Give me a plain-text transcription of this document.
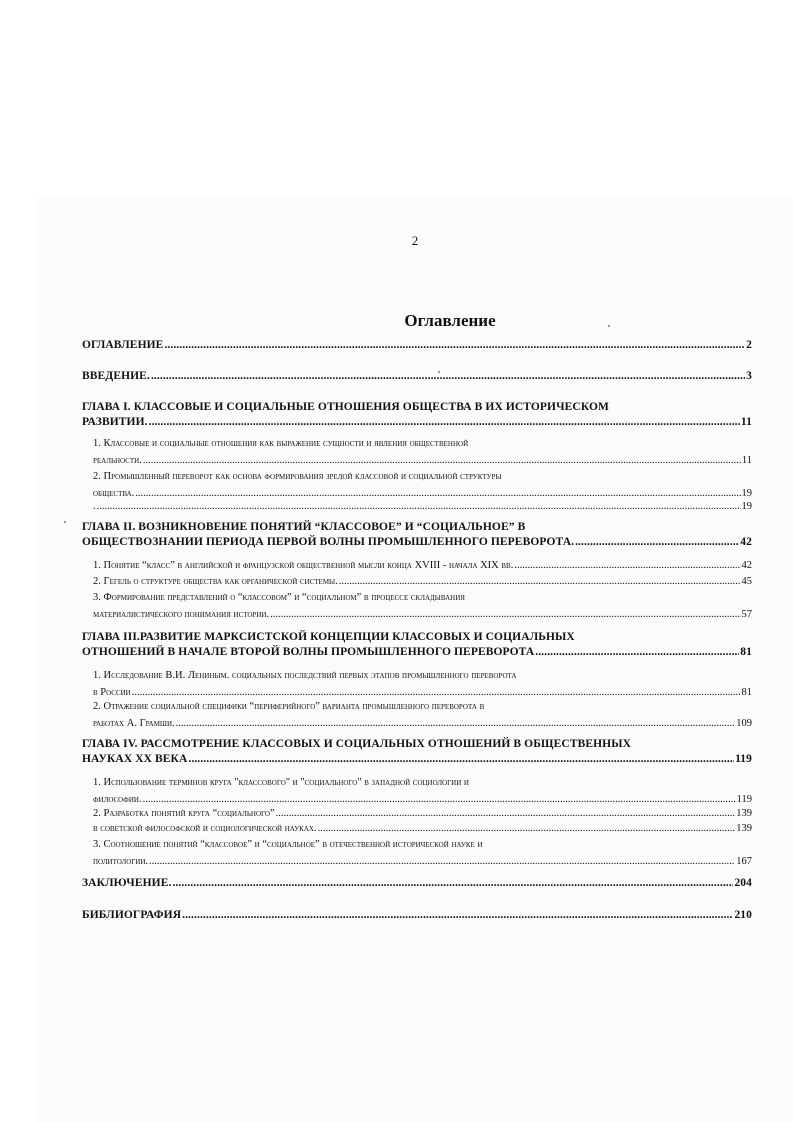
2
Оглавление
ОГЛАВЛЕНИЕ .....	2
ВВЕДЕНИЕ. .....	3
ГЛАВА I. КЛАССОВЫЕ И СОЦИАЛЬНЫЕ ОТНОШЕНИЯ ОБЩЕСТВА В ИХ ИСТОРИЧЕСКОМ
РАЗВИТИИ. .....	11
1. Классовые и социальные отношения как выражение сущности и явления общественной
реальности. .....	11
2. Промышленный переворот как основа формирования зрелой классовой и социальной структуры
общества. .....	19
. .....	19
ГЛАВА II. ВОЗНИКНОВЕНИЕ ПОНЯТИЙ “КЛАССОВОЕ” И “СОЦИАЛЬНОЕ” В
ОБЩЕСТВОЗНАНИИ ПЕРИОДА ПЕРВОЙ ВОЛНЫ ПРОМЫШЛЕННОГО ПЕРЕВОРОТА. .....	42
1. Понятие “класс” в английской и французской общественной мысли конца XVIII - начала XIX вв. .....	42
2. Гегель о структуре общества как органической системы. .....	45
3. Формирование представлений о “классовом” и “социальном” в процессе складывания
материалистического понимания истории. .....	57
ГЛАВА III.РАЗВИТИЕ МАРКСИСТСКОЙ КОНЦЕПЦИИ КЛАССОВЫХ И СОЦИАЛЬНЫХ
ОТНОШЕНИЙ В НАЧАЛЕ ВТОРОЙ ВОЛНЫ ПРОМЫШЛЕННОГО ПЕРЕВОРОТА .....	81
1. Исследование В.И. Лениным. социальных последствий первых этапов промышленного переворота
в России .....	81
2. Отражение социальной специфики “периферийного” варианта промышленного переворота в
работах А. Грамши. .....	109
ГЛАВА IV. РАССМОТРЕНИЕ КЛАССОВЫХ И СОЦИАЛЬНЫХ ОТНОШЕНИЙ В ОБЩЕСТВЕННЫХ
НАУКАХ XX ВЕКА .....	119
1. Использование терминов круга "классового" и "социального" в западной социологии и
философии. .....	119
2. Разработка понятий круга “социального” .....	139
в советской философской и социологической науках. .....	139
3. Соотношение понятий “классовое” и “социальное” в отечественной исторической науке и
политологии. .....	167
ЗАКЛЮЧЕНИЕ. .....	204
БИБЛИОГРАФИЯ .....	210
